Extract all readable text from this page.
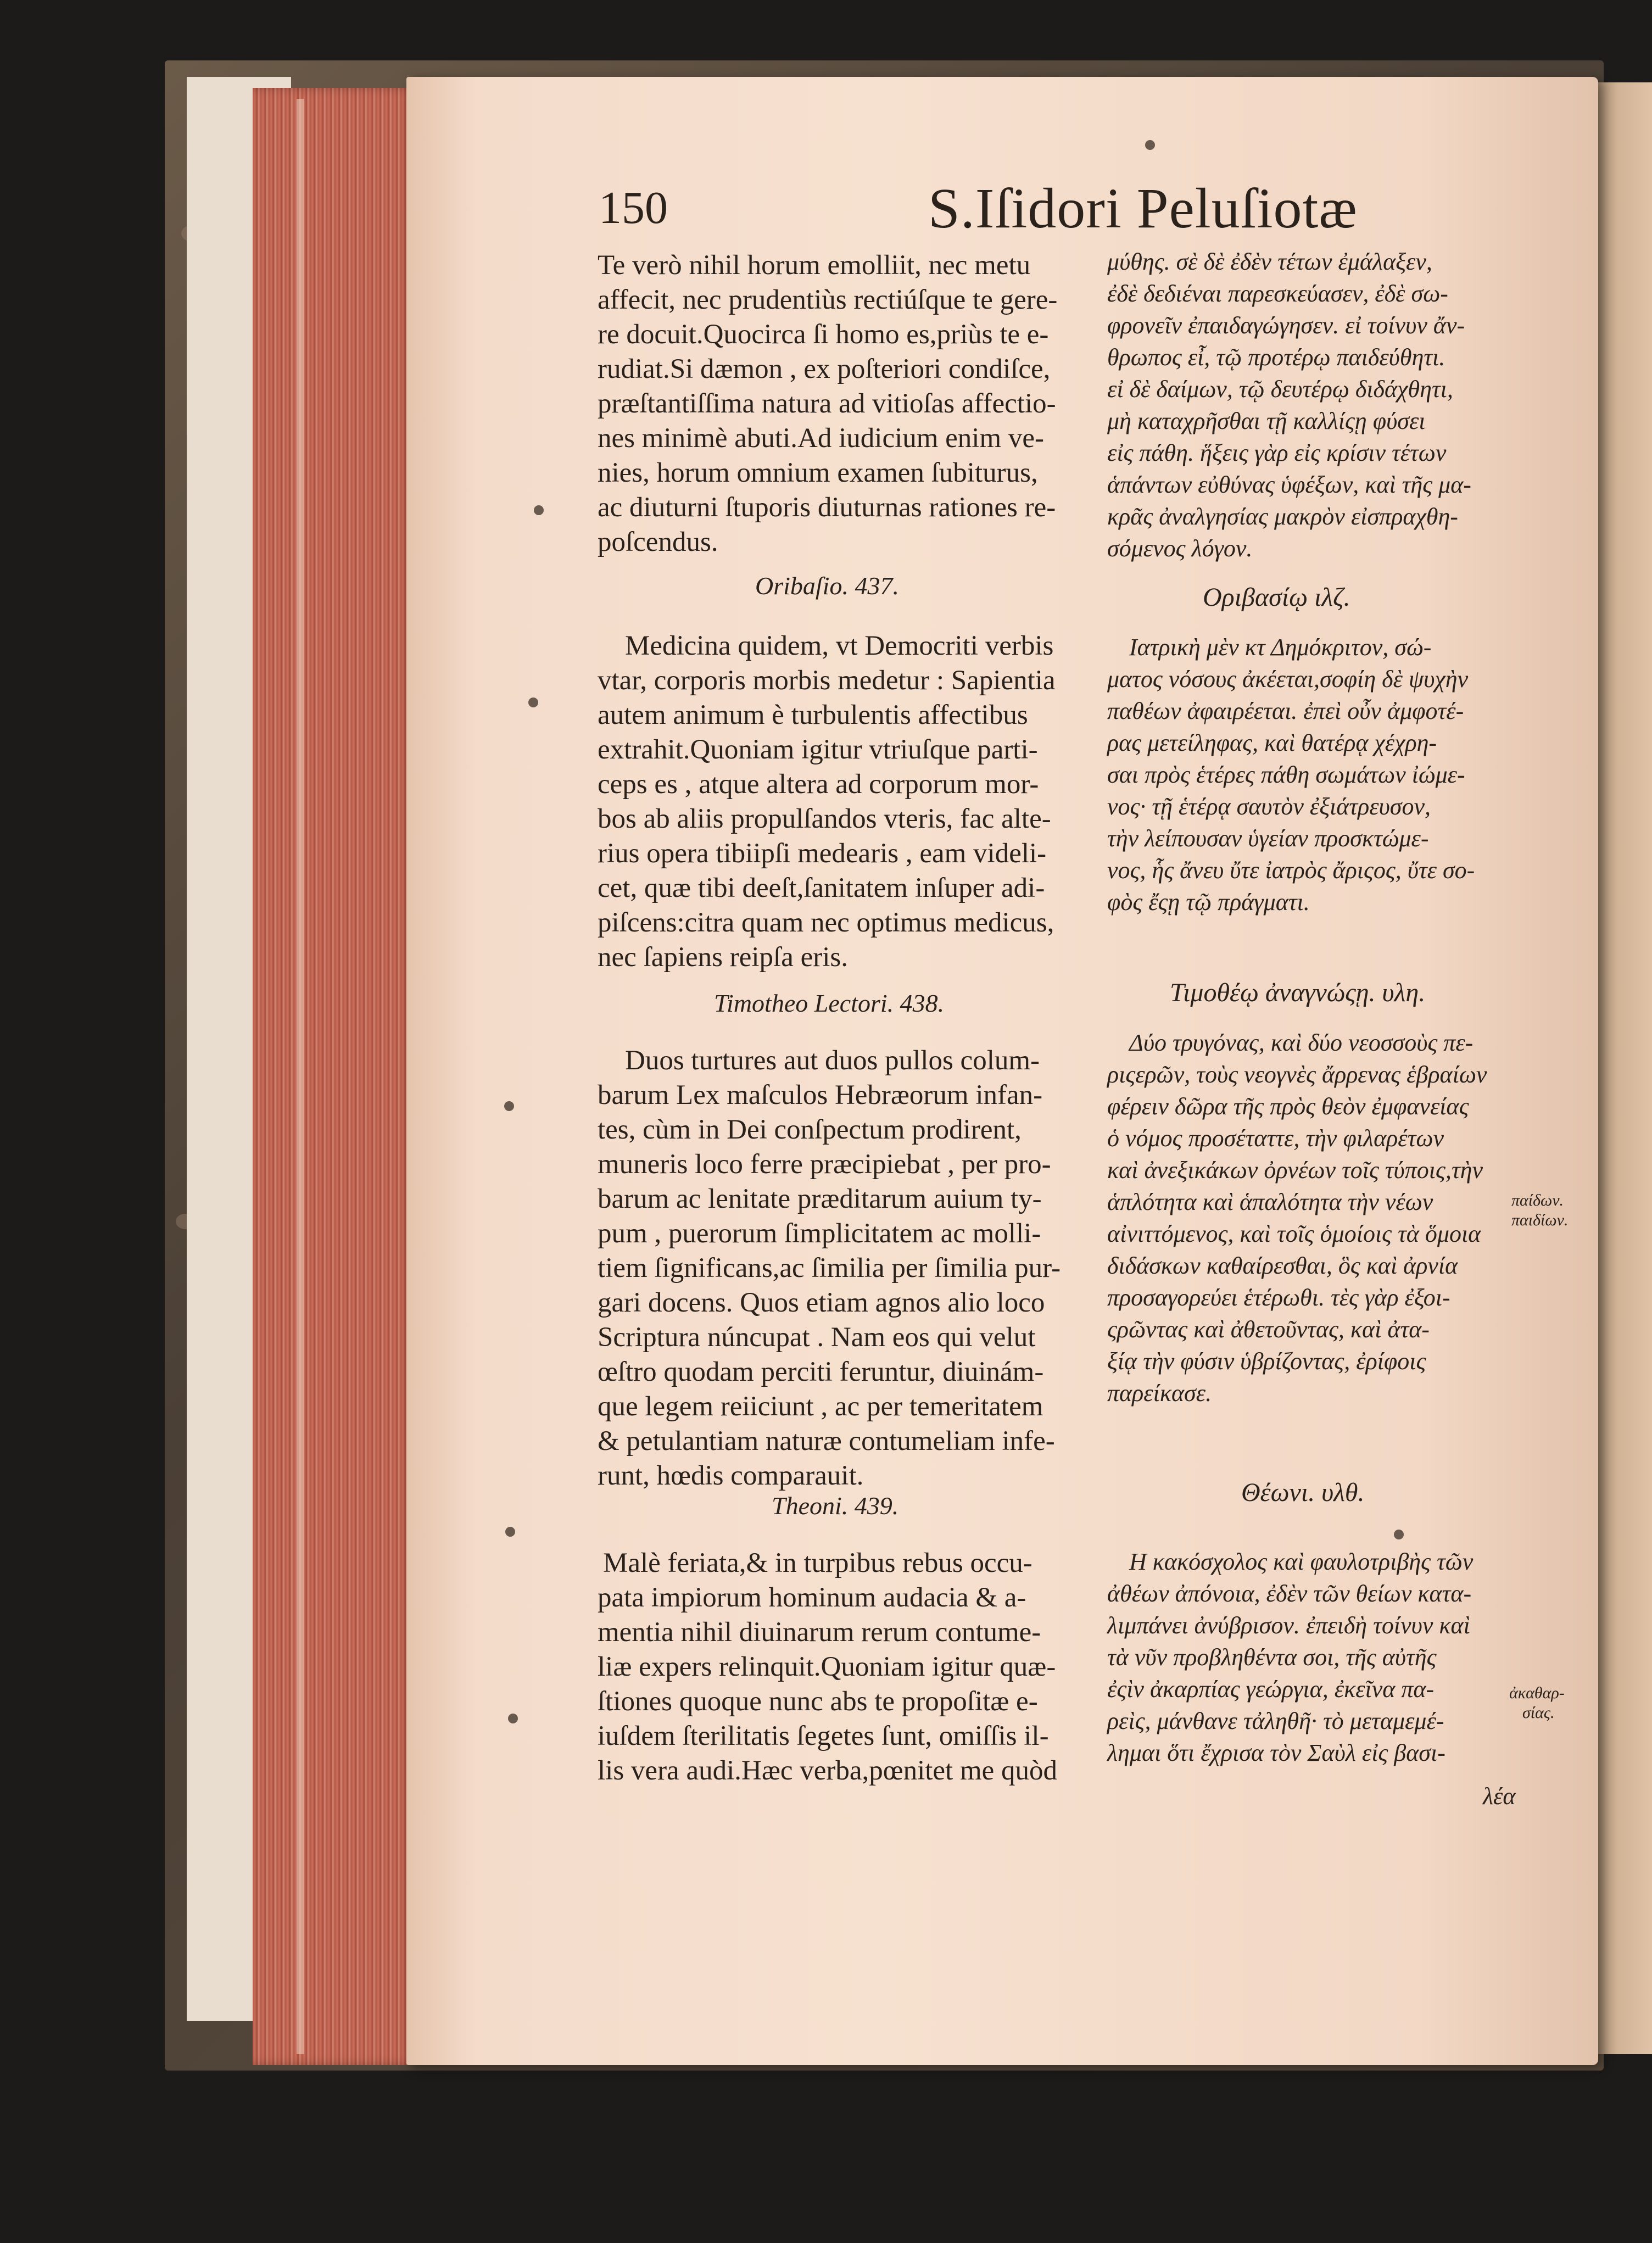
150	S.Iſidori Peluſiotæ
Te verò nihil horum emolliit, nec metu
affecit, nec prudentiùs rectiúſque te gere-
re docuit.Quocirca ſi homo es,priùs te e-
rudiat.Si dæmon , ex poſteriori condiſce,
præſtantiſſima natura ad vitioſas affectio-
nes minimè abuti.Ad iudicium enim ve-
nies, horum omnium examen ſubiturus,
ac diuturni ſtuporis diuturnas rationes re-
poſcendus.
Oribaſio. 437.
Medicina quidem, vt Democriti verbis
vtar, corporis morbis medetur : Sapientia
autem animum è turbulentis affectibus
extrahit.Quoniam igitur vtriuſque parti-
ceps es , atque altera ad corporum mor-
bos ab aliis propulſandos vteris, fac alte-
rius opera tibiipſi medearis , eam videli-
cet, quæ tibi deeſt,ſanitatem inſuper adi-
piſcens:citra quam nec optimus medicus,
nec ſapiens reipſa eris.
Timotheo Lectori. 438.
Duos turtures aut duos pullos colum-
barum Lex maſculos Hebræorum infan-
tes, cùm in Dei conſpectum prodirent,
muneris loco ferre præcipiebat , per pro-
barum ac lenitate præditarum auium ty-
pum , puerorum ſimplicitatem ac molli-
tiem ſignificans,ac ſimilia per ſimilia pur-
gari docens. Quos etiam agnos alio loco
Scriptura núncupat . Nam eos qui velut
œſtro quodam perciti feruntur, diuinám-
que legem reiiciunt , ac per temeritatem
& petulantiam naturæ contumeliam infe-
runt, hœdis comparauit.
Theoni. 439.
Malè feriata,& in turpibus rebus occu-
pata impiorum hominum audacia & a-
mentia nihil diuinarum rerum contume-
liæ expers relinquit.Quoniam igitur quæ-
ſtiones quoque nunc abs te propoſitæ e-
iuſdem ſterilitatis ſegetes ſunt, omiſſis il-
lis vera audi.Hæc verba,pœnitet me quòd
μύθης. σὲ δὲ ἐδὲν τέτων ἐμάλαξεν,
ἐδὲ δεδιέναι παρεσκεύασεν, ἐδὲ σω-
φρονεῖν ἐπαιδαγώγησεν. εἰ τοίνυν ἄν-
θρωπος εἶ, τῷ προτέρῳ παιδεύθητι.
εἰ δὲ δαίμων, τῷ δευτέρῳ διδάχθητι,
μὴ καταχρῆσθαι τῇ καλλίςῃ φύσει
εἰς πάθη. ἥξεις γὰρ εἰς κρίσιν τέτων
ἁπάντων εὐθύνας ὑφέξων, καὶ τῆς μα-
κρᾶς ἀναλγησίας μακρὸν εἰσπραχθη-
σόμενος λόγον.
Οριβασίῳ ιλζ.
Ιατρικὴ μὲν κτ Δημόκριτον, σώ-
ματος νόσους ἀκέεται,σοφίη δὲ ψυχὴν
παθέων ἀφαιρέεται. ἐπεὶ οὖν ἀμφοτέ-
ρας μετείληφας, καὶ θατέρᾳ χέχρη-
σαι πρὸς ἑτέρες πάθη σωμάτων ἰώμε-
νος· τῇ ἑτέρᾳ σαυτὸν ἐξιάτρευσον,
τὴν λείπουσαν ὑγείαν προσκτώμε-
νος, ἧς ἄνευ ὔτε ἰατρὸς ἄριςος, ὔτε σο-
φὸς ἔςῃ τῷ πράγματι.
Τιμοθέῳ ἀναγνώςῃ. υλη.
Δύο τρυγόνας, καὶ δύο νεοσσοὺς πε-
ριςερῶν, τοὺς νεογνὲς ἄρρενας ἑβραίων
φέρειν δῶρα τῆς πρὸς θεὸν ἐμφανείας
ὁ νόμος προσέταττε, τὴν φιλαρέτων
καὶ ἀνεξικάκων ὀρνέων τοῖς τύποις,τὴν
ἁπλότητα καὶ ἁπαλότητα τὴν νέων
αἰνιττόμενος, καὶ τοῖς ὁμοίοις τὰ ὅμοια
διδάσκων καθαίρεσθαι, ὃς καὶ ἀρνία
προσαγορεύει ἑτέρωθι. τὲς γὰρ ἐξοι-
ςρῶντας καὶ ἀθετοῦντας, καὶ ἀτα-
ξίᾳ τὴν φύσιν ὑβρίζοντας, ἐρίφοις
παρείκασε.
παίδων.
παιδίων.
Θέωνι. υλθ.
Η κακόσχολος καὶ φαυλοτριβὴς τῶν
ἀθέων ἀπόνοια, ἐδὲν τῶν θείων κατα-
λιμπάνει ἀνύβρισον. ἐπειδὴ τοίνυν καὶ
τὰ νῦν προβληθέντα σοι, τῆς αὐτῆς
ἐςὶν ἀκαρπίας γεώργια, ἐκεῖνα πα-
ρεὶς, μάνθανε τἀληθῆ· τὸ μεταμεμέ-
λημαι ὅτι ἔχρισα τὸν Σαὺλ εἰς βασι-
ἀκαθαρ-
σίας.
λέα
